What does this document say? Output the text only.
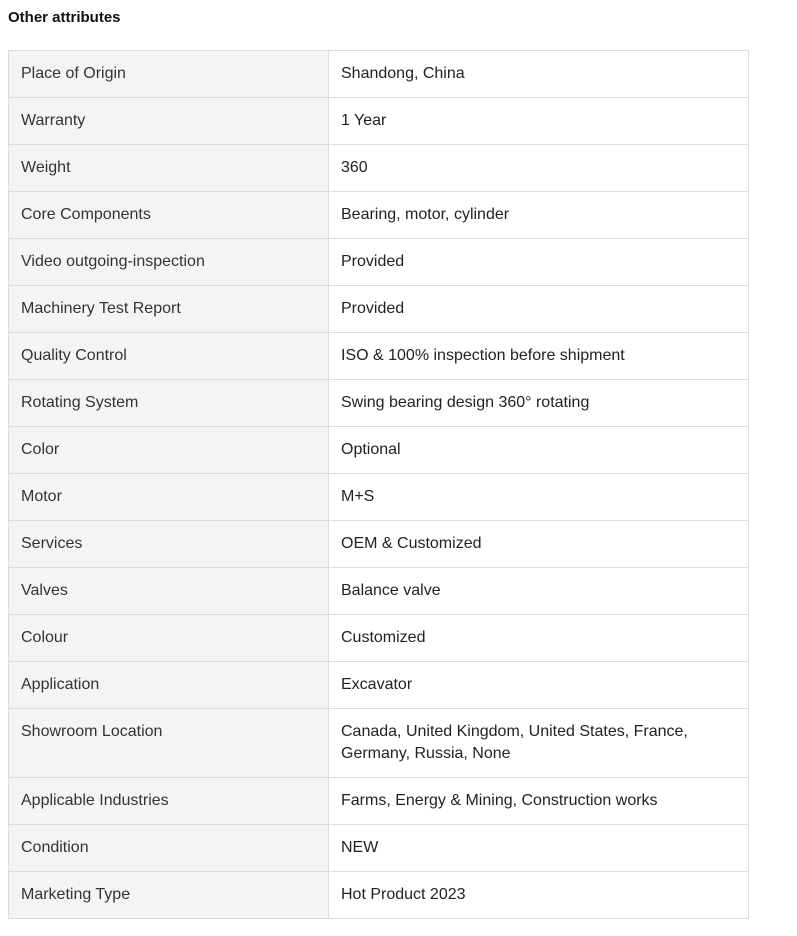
Other attributes
Place of Origin	Shandong, China
Warranty	1 Year
Weight	360
Core Components	Bearing, motor, cylinder
Video outgoing-inspection	Provided
Machinery Test Report	Provided
Quality Control	ISO & 100% inspection before shipment
Rotating System	Swing bearing design 360° rotating
Color	Optional
Motor	M+S
Services	OEM & Customized
Valves	Balance valve
Colour	Customized
Application	Excavator
Showroom Location	Canada, United Kingdom, United States, France, Germany, Russia, None
Applicable Industries	Farms, Energy & Mining, Construction works
Condition	NEW
Marketing Type	Hot Product 2023
